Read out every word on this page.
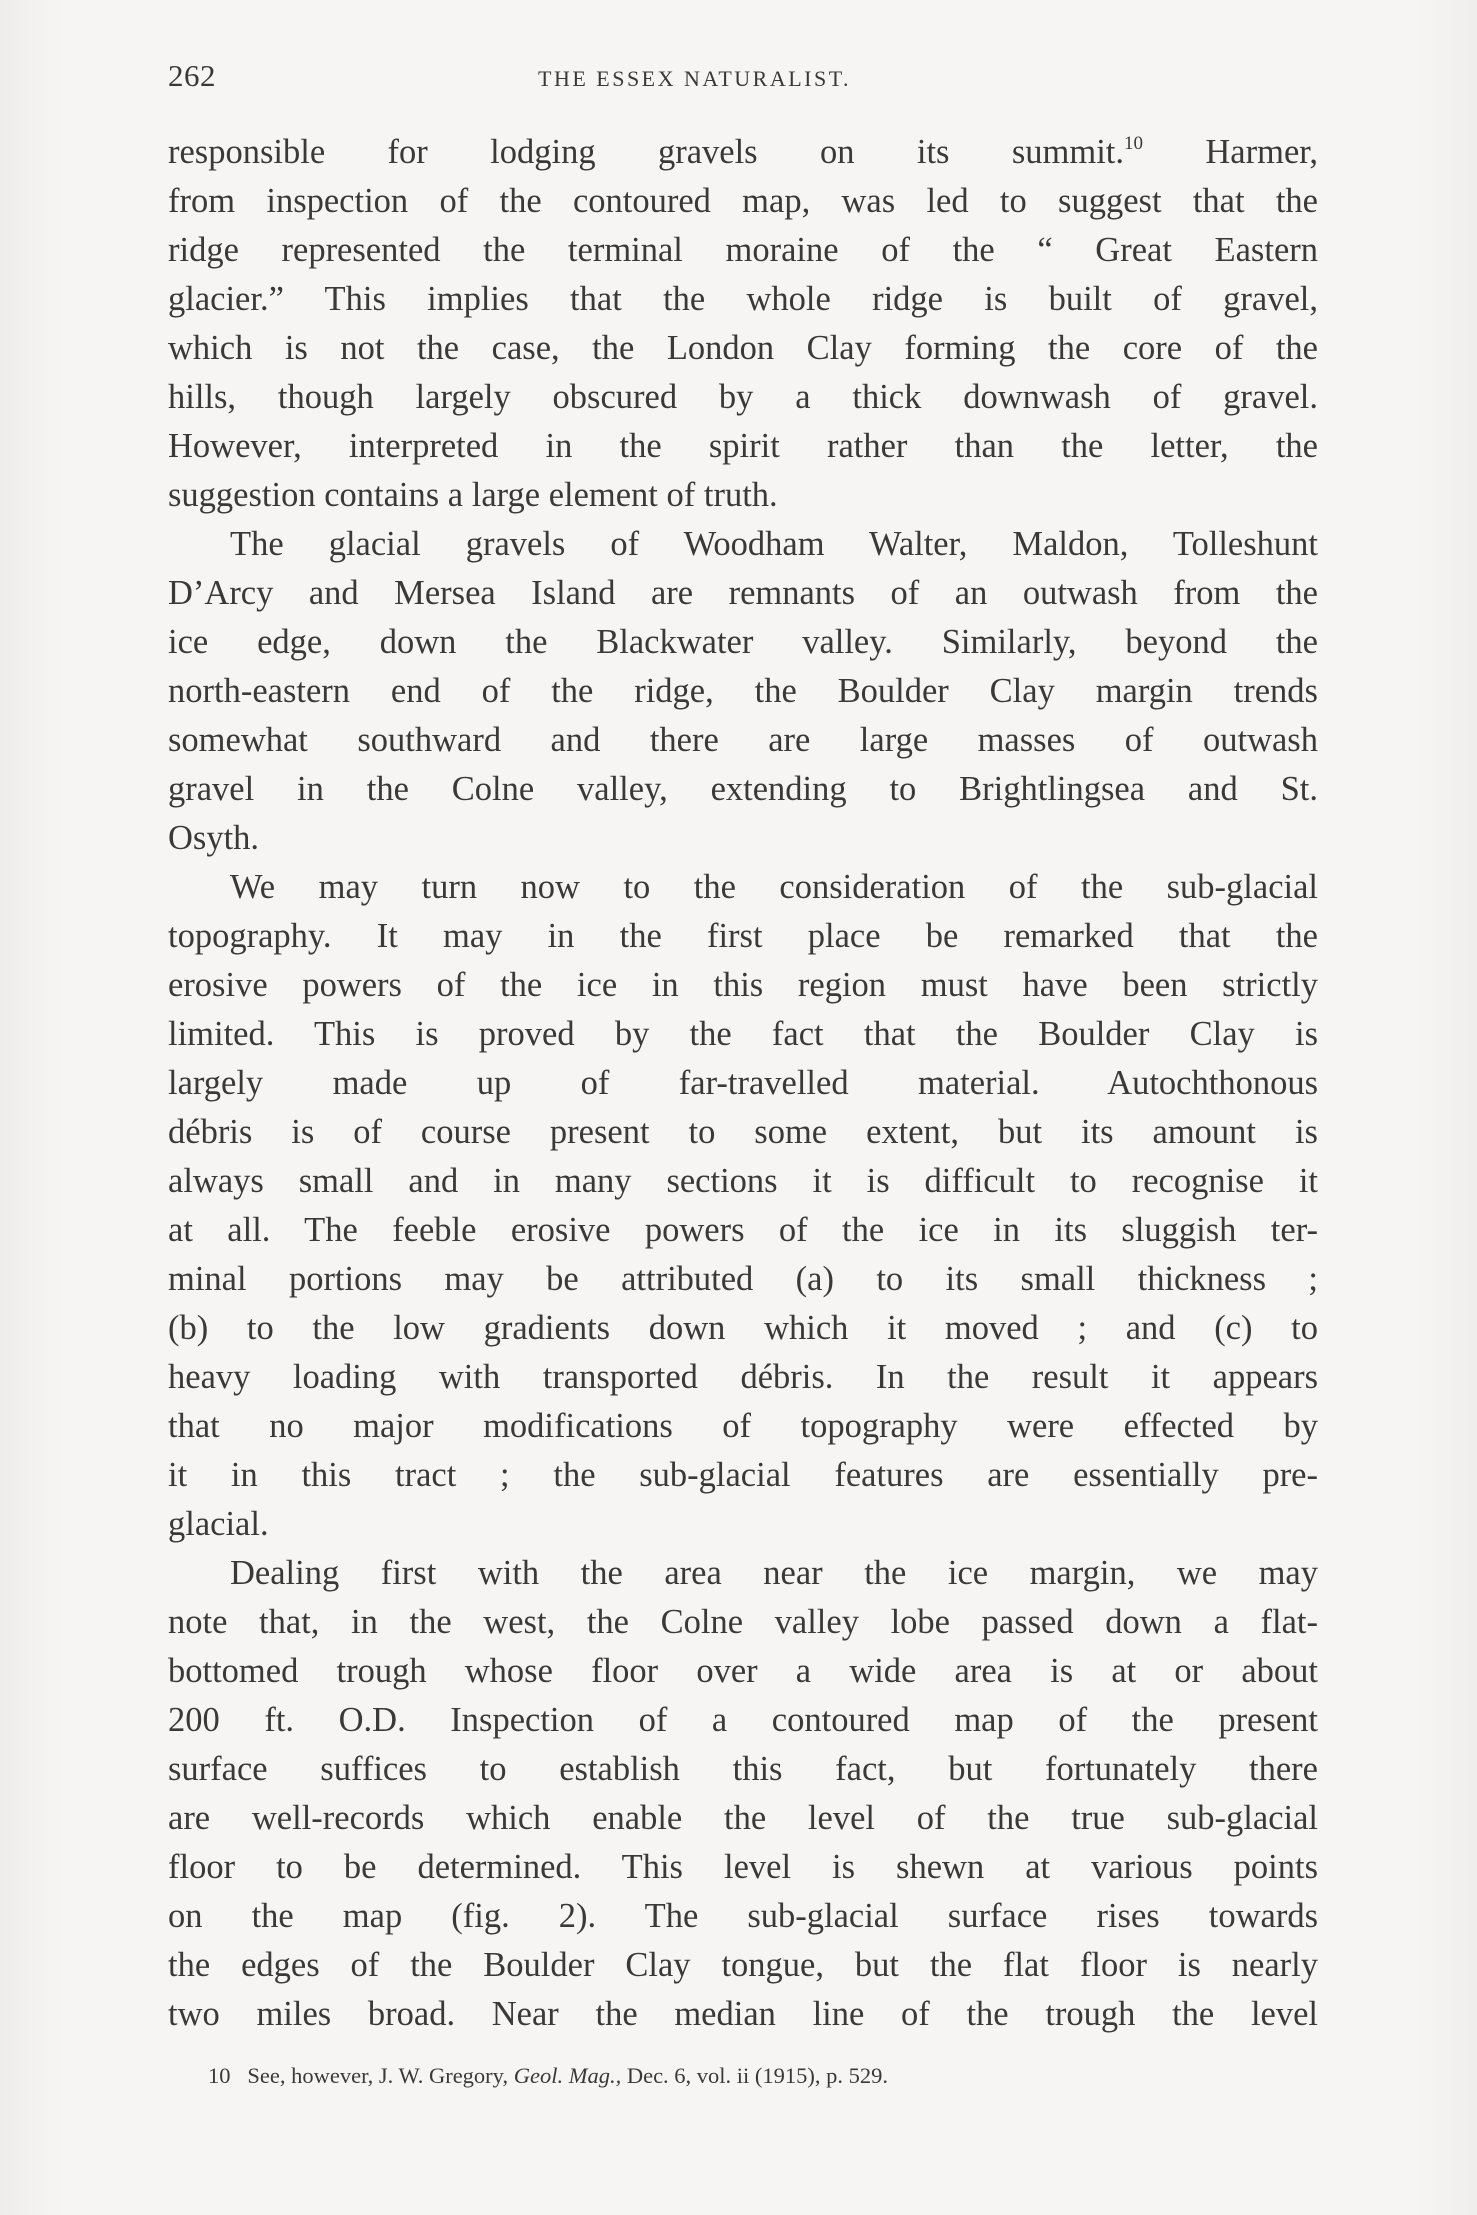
262	THE ESSEX NATURALIST.
responsible for lodging gravels on its summit.$^{10}$ Harmer,
from inspection of the contoured map, was led to suggest that the
ridge represented the terminal moraine of the “ Great Eastern
glacier.” This implies that the whole ridge is built of gravel,
which is not the case, the London Clay forming the core of the
hills, though largely obscured by a thick downwash of gravel.
However, interpreted in the spirit rather than the letter, the
suggestion contains a large element of truth.
The glacial gravels of Woodham Walter, Maldon, Tolleshunt
D’Arcy and Mersea Island are remnants of an outwash from the
ice edge, down the Blackwater valley. Similarly, beyond the
north-eastern end of the ridge, the Boulder Clay margin trends
somewhat southward and there are large masses of outwash
gravel in the Colne valley, extending to Brightlingsea and St.
Osyth.
We may turn now to the consideration of the sub-glacial
topography. It may in the first place be remarked that the
erosive powers of the ice in this region must have been strictly
limited. This is proved by the fact that the Boulder Clay is
largely made up of far-travelled material. Autochthonous
débris is of course present to some extent, but its amount is
always small and in many sections it is difficult to recognise it
at all. The feeble erosive powers of the ice in its sluggish ter-
minal portions may be attributed (a) to its small thickness ;
(b) to the low gradients down which it moved ; and (c) to
heavy loading with transported débris. In the result it appears
that no major modifications of topography were effected by
it in this tract ; the sub-glacial features are essentially pre-
glacial.
Dealing first with the area near the ice margin, we may
note that, in the west, the Colne valley lobe passed down a flat-
bottomed trough whose floor over a wide area is at or about
200 ft. O.D. Inspection of a contoured map of the present
surface suffices to establish this fact, but fortunately there
are well-records which enable the level of the true sub-glacial
floor to be determined. This level is shewn at various points
on the map (fig. 2). The sub-glacial surface rises towards
the edges of the Boulder Clay tongue, but the flat floor is nearly
two miles broad. Near the median line of the trough the level
10 See, however, J. W. Gregory, Geol. Mag., Dec. 6, vol. ii (1915), p. 529.
